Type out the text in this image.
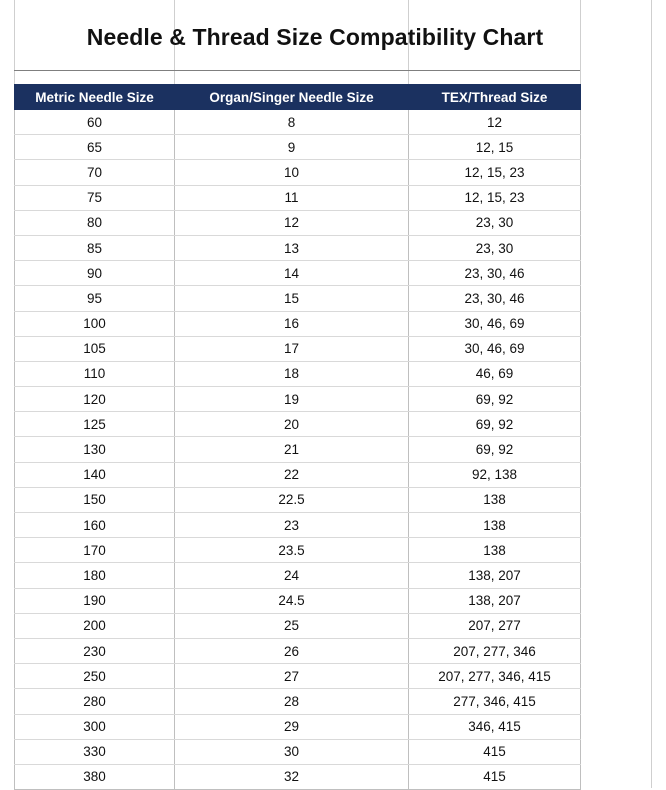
Needle & Thread Size Compatibility Chart
Metric Needle Size	Organ/Singer Needle Size	TEX/Thread Size
60	8	12
65	9	12, 15
70	10	12, 15, 23
75	11	12, 15, 23
80	12	23, 30
85	13	23, 30
90	14	23, 30, 46
95	15	23, 30, 46
100	16	30, 46, 69
105	17	30, 46, 69
110	18	46, 69
120	19	69, 92
125	20	69, 92
130	21	69, 92
140	22	92, 138
150	22.5	138
160	23	138
170	23.5	138
180	24	138, 207
190	24.5	138, 207
200	25	207, 277
230	26	207, 277, 346
250	27	207, 277, 346, 415
280	28	277, 346, 415
300	29	346, 415
330	30	415
380	32	415
